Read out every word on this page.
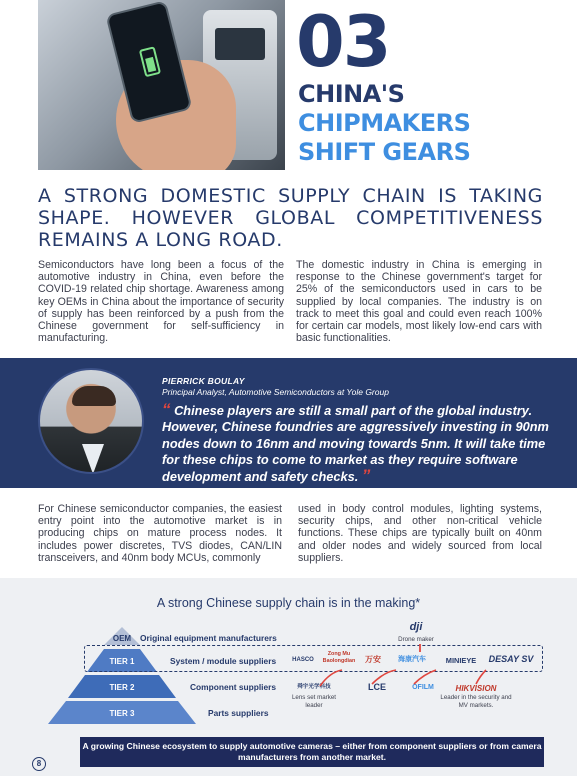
03
CHINA'S
CHIPMAKERS
SHIFT GEARS
A STRONG DOMESTIC SUPPLY CHAIN IS TAKING SHAPE. HOWEVER GLOBAL COMPETITIVENESS REMAINS A LONG ROAD.

Semiconductors have long been a focus of the automotive industry in China, even before the COVID-19 related chip shortage. Awareness among key OEMs in China about the importance of security of supply has been reinforced by a push from the Chinese government for self-sufficiency in manufacturing.

The domestic industry in China is emerging in response to the Chinese government's target for 25% of the semiconductors used in cars to be supplied by local companies. The industry is on track to meet this goal and could even reach 100% for certain car models, most likely low-end cars with basic functionalities.

PIERRICK BOULAY
Principal Analyst, Automotive Semiconductors at Yole Group
“ Chinese players are still a small part of the global industry. However, Chinese foundries are aggressively investing in 90nm nodes down to 16nm and moving towards 5nm. It will take time for these chips to come to market as they require software development and safety checks. ”

For Chinese semiconductor companies, the easiest entry point into the automotive market is in producing chips on mature process nodes. It includes power discretes, TVS diodes, CAN/LIN transceivers, and 40nm body MCUs, commonly

used in body control modules, lighting systems, security chips, and other non-critical vehicle functions. These chips are typically built on 40nm and older nodes and widely sourced from local suppliers.

A strong Chinese supply chain is in the making*
OEM
TIER 1
TIER 2
TIER 3
Original equipment manufacturers
System / module suppliers
Component suppliers
Parts suppliers
dji
Drone maker
HASCO
Zong Mu Baolongdian	万安	海康汽车	MINIEYE	DESAY SV
舜宇光学科技
Lens set market leader
LCE	OFILM	HIKVISION
Leader in the security and MV markets.
A growing Chinese ecosystem to supply automotive cameras – either from component suppliers or from camera manufacturers from another market.
8
